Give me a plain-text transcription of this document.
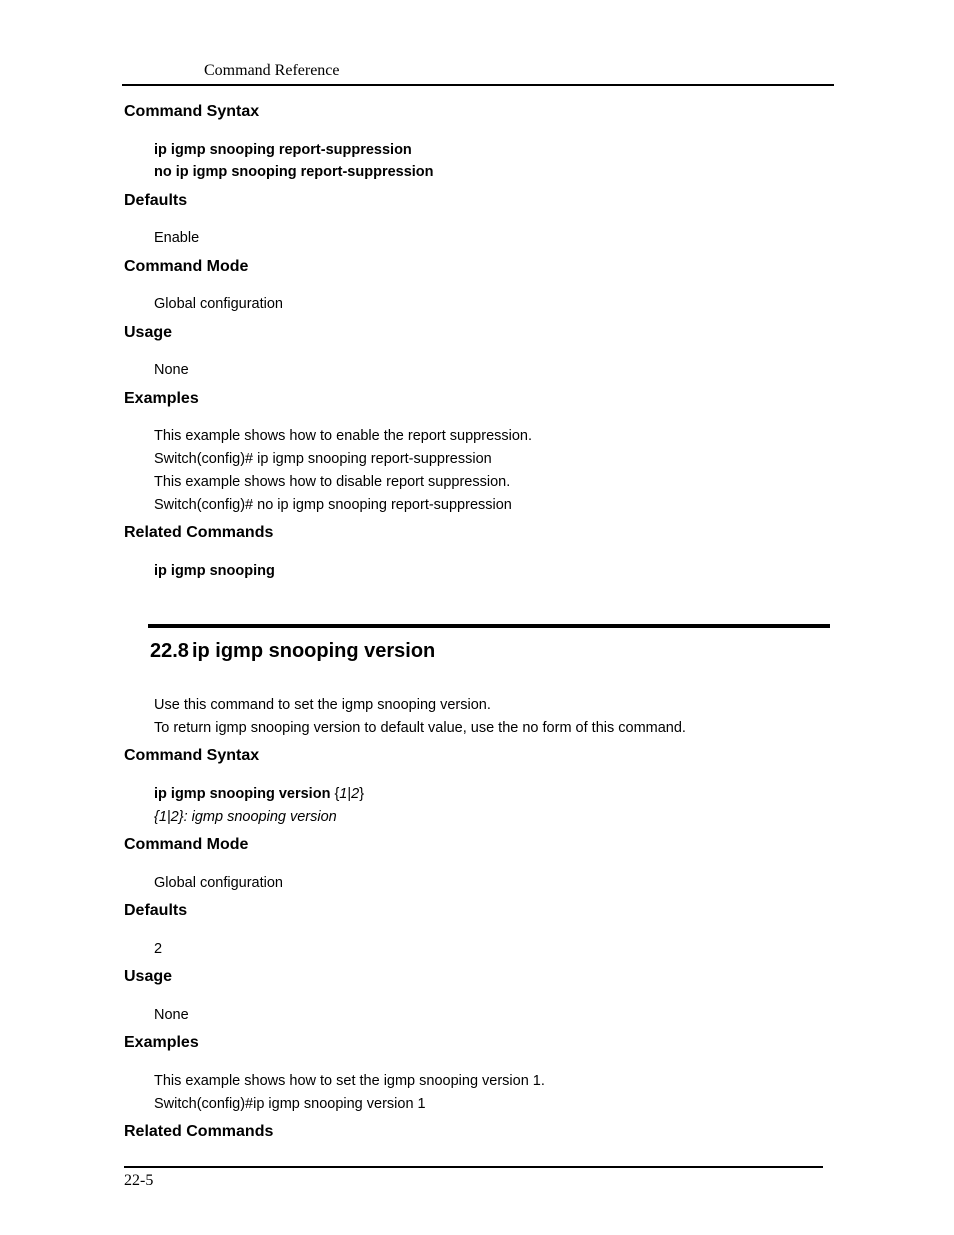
Command Reference
Command Syntax
ip igmp snooping report-suppression
no ip igmp snooping report-suppression
Defaults
Enable
Command Mode
Global configuration
Usage
None
Examples
This example shows how to enable the report suppression.
Switch(config)# ip igmp snooping report-suppression
This example shows how to disable report suppression.
Switch(config)# no ip igmp snooping report-suppression
Related Commands
ip igmp snooping
22.8 ip igmp snooping version
Use this command to set the igmp snooping version.
To return igmp snooping version to default value, use the no form of this command.
Command Syntax
ip igmp snooping version {1|2}
{1|2}: igmp snooping version
Command Mode
Global configuration
Defaults
2
Usage
None
Examples
This example shows how to set the igmp snooping version 1.
Switch(config)#ip igmp snooping version 1
Related Commands
22-5
